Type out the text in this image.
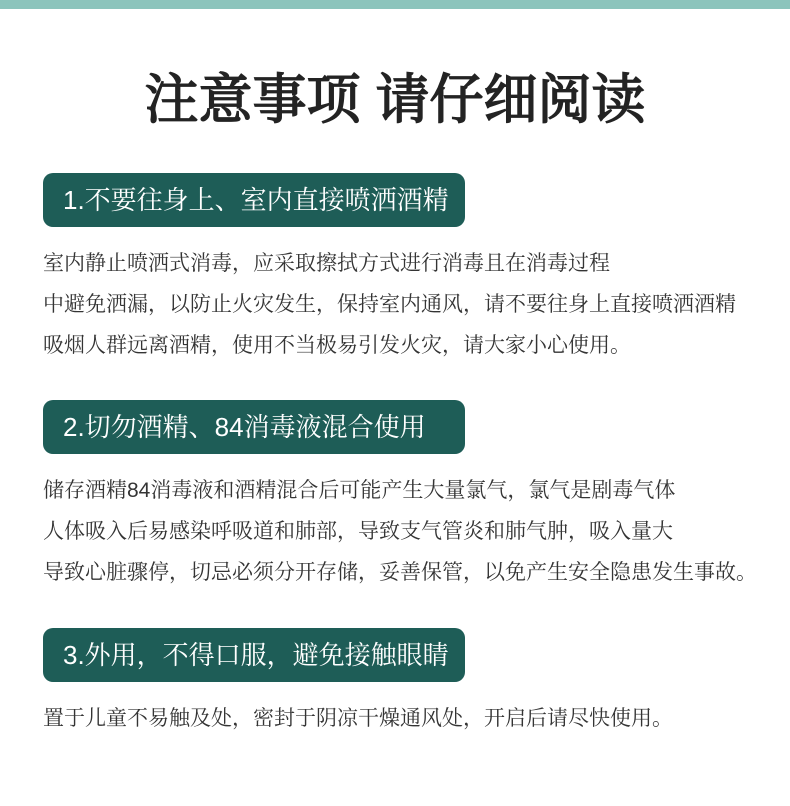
注意事项 请仔细阅读
1.不要往身上、室内直接喷洒酒精
室内静止喷洒式消毒，应采取擦拭方式进行消毒且在消毒过程
中避免洒漏，以防止火灾发生，保持室内通风，请不要往身上直接喷洒酒精
吸烟人群远离酒精，使用不当极易引发火灾，请大家小心使用。
2.切勿酒精、84消毒液混合使用
储存酒精84消毒液和酒精混合后可能产生大量氯气，氯气是剧毒气体
人体吸入后易感染呼吸道和肺部，导致支气管炎和肺气肿，吸入量大
导致心脏骤停，切忌必须分开存储，妥善保管，以免产生安全隐患发生事故。
3.外用，不得口服，避免接触眼睛
置于儿童不易触及处，密封于阴凉干燥通风处，开启后请尽快使用。
